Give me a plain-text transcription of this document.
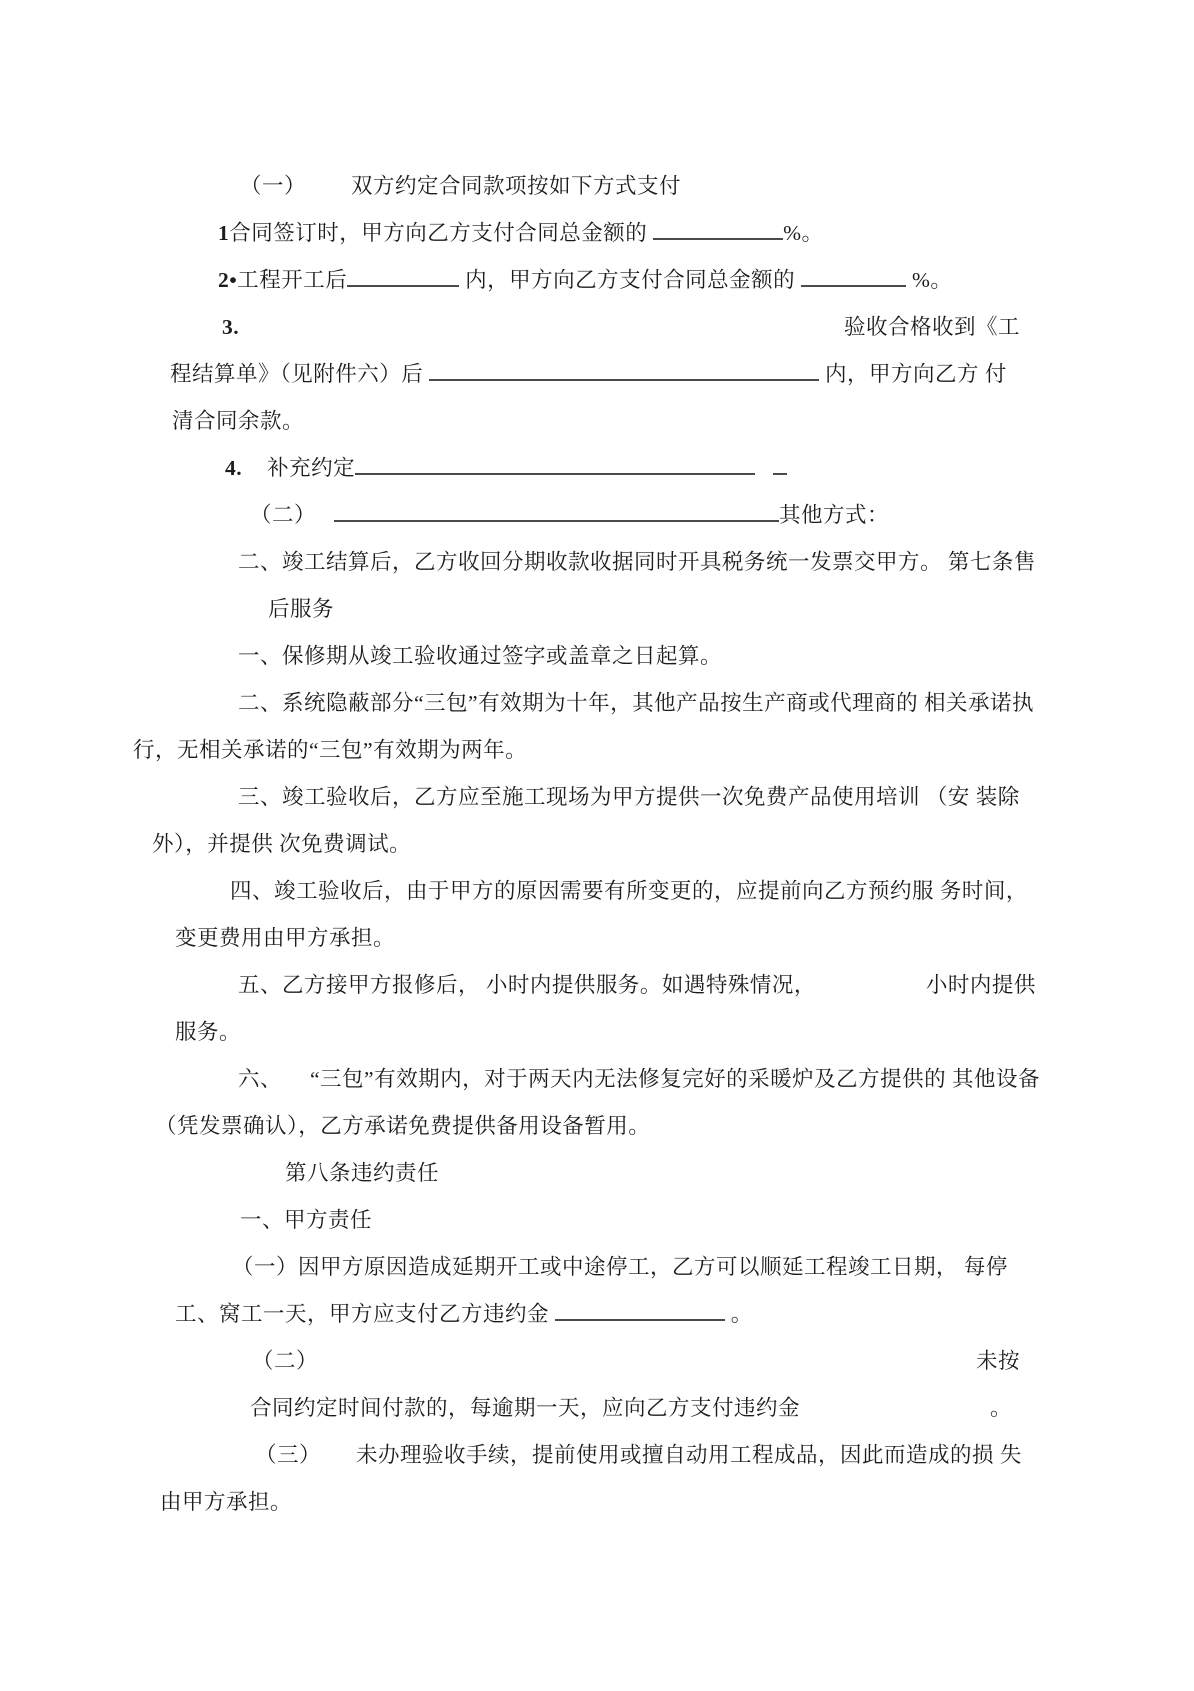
（一） 双方约定合同款项按如下方式支付
1合同签订时，甲方向乙方支付合同总金额的	%。
2•工程开工后	内，甲方向乙方支付合同总金额的	%。
验收合格收到《工
3.
程结算单》（见附件六）后	内，甲方向乙方 付
清合同余款。
4. 补充约定
（二）	其他方式：
二、竣工结算后，乙方收回分期收款收据同时开具税务统一发票交甲方。 第七条售
后服务
一、保修期从竣工验收通过签字或盖章之日起算。
二、系统隐蔽部分“三包”有效期为十年，其他产品按生产商或代理商的 相关承诺执
行，无相关承诺的“三包”有效期为两年。
三、竣工验收后，乙方应至施工现场为甲方提供一次免费产品使用培训 （安 装除
外），并提供 次免费调试。
四、竣工验收后，由于甲方的原因需要有所变更的，应提前向乙方预约服 务时间，
变更费用由甲方承担。
五、乙方接甲方报修后， 小时内提供服务。如遇特殊情况，	小时内提供
服务。
六、 “三包”有效期内，对于两天内无法修复完好的采暖炉及乙方提供的 其他设备
（凭发票确认），乙方承诺免费提供备用设备暂用。
第八条违约责任
一、甲方责任
（一）因甲方原因造成延期开工或中途停工，乙方可以顺延工程竣工日期， 每停
工、窝工一天，甲方应支付乙方违约金	。
未按
（二）
。
合同约定时间付款的，每逾期一天，应向乙方支付违约金
（三） 未办理验收手续，提前使用或擅自动用工程成品，因此而造成的损 失
由甲方承担。
